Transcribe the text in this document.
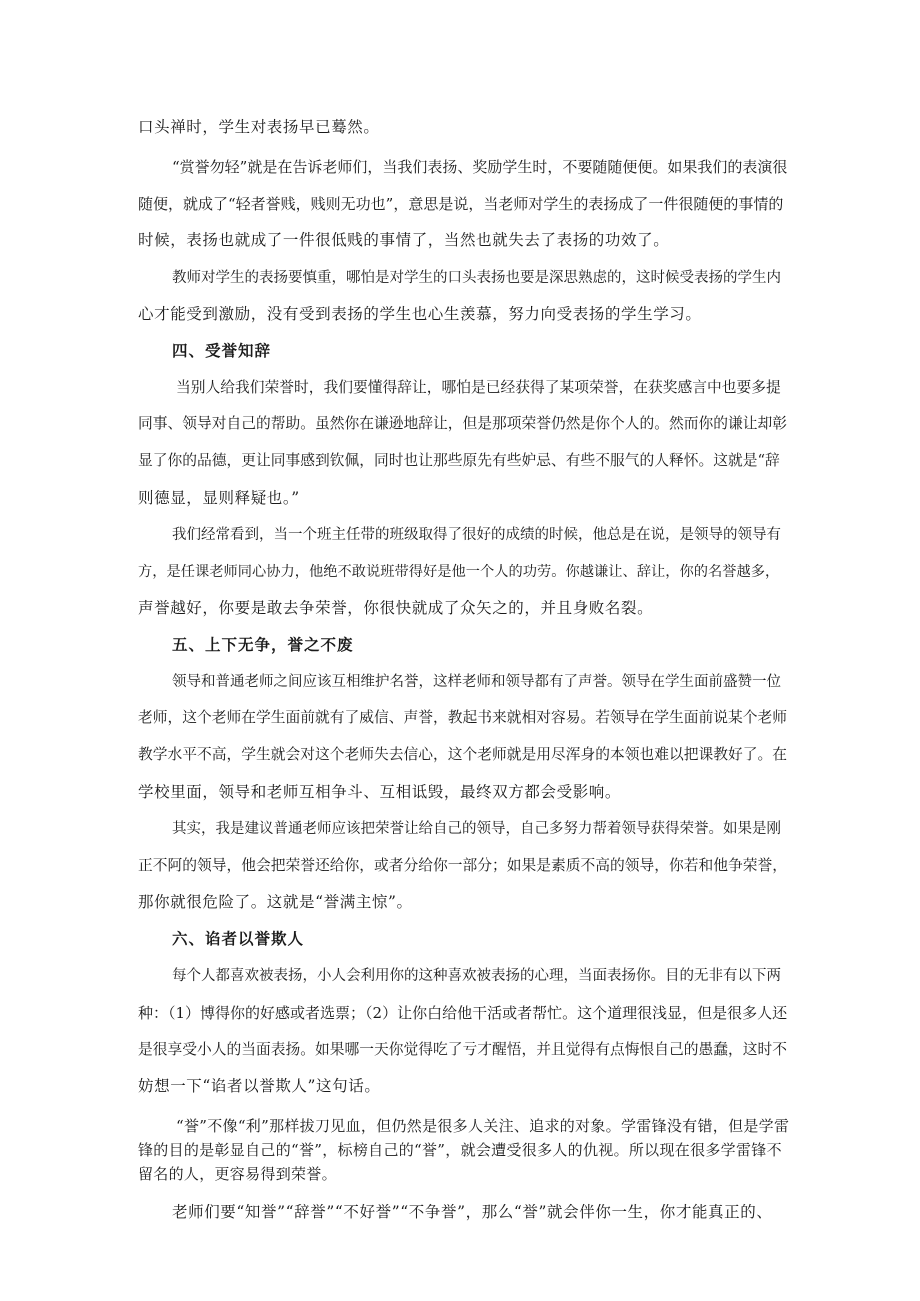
口头禅时，学生对表扬早已蓦然。
“赏誉勿轻”就是在告诉老师们，当我们表扬、奖励学生时，不要随随便便。如果我们的表演很
随便，就成了“轻者誉贱，贱则无功也”，意思是说，当老师对学生的表扬成了一件很随便的事情的
时候，表扬也就成了一件很低贱的事情了，当然也就失去了表扬的功效了。
教师对学生的表扬要慎重，哪怕是对学生的口头表扬也要是深思熟虑的，这时候受表扬的学生内
心才能受到激励，没有受到表扬的学生也心生羡慕，努力向受表扬的学生学习。
四、受誉知辞
当别人给我们荣誉时，我们要懂得辞让，哪怕是已经获得了某项荣誉，在获奖感言中也要多提
同事、领导对自己的帮助。虽然你在谦逊地辞让，但是那项荣誉仍然是你个人的。然而你的谦让却彰
显了你的品德，更让同事感到钦佩，同时也让那些原先有些妒忌、有些不服气的人释怀。这就是“辞
则德显，显则释疑也。”
我们经常看到，当一个班主任带的班级取得了很好的成绩的时候，他总是在说，是领导的领导有
方，是任课老师同心协力，他绝不敢说班带得好是他一个人的功劳。你越谦让、辞让，你的名誉越多，
声誉越好，你要是敢去争荣誉，你很快就成了众矢之的，并且身败名裂。
五、上下无争，誉之不废
领导和普通老师之间应该互相维护名誉，这样老师和领导都有了声誉。领导在学生面前盛赞一位
老师，这个老师在学生面前就有了威信、声誉，教起书来就相对容易。若领导在学生面前说某个老师
教学水平不高，学生就会对这个老师失去信心，这个老师就是用尽浑身的本领也难以把课教好了。在
学校里面，领导和老师互相争斗、互相诋毁，最终双方都会受影响。
其实，我是建议普通老师应该把荣誉让给自己的领导，自己多努力帮着领导获得荣誉。如果是刚
正不阿的领导，他会把荣誉还给你，或者分给你一部分；如果是素质不高的领导，你若和他争荣誉，
那你就很危险了。这就是“誉满主惊”。
六、谄者以誉欺人
每个人都喜欢被表扬，小人会利用你的这种喜欢被表扬的心理，当面表扬你。目的无非有以下两
种：（1）博得你的好感或者选票；（2）让你白给他干活或者帮忙。这个道理很浅显，但是很多人还
是很享受小人的当面表扬。如果哪一天你觉得吃了亏才醒悟，并且觉得有点悔恨自己的愚蠢，这时不
妨想一下“谄者以誉欺人”这句话。
“誉”不像“利”那样拔刀见血，但仍然是很多人关注、追求的对象。学雷锋没有错，但是学雷
锋的目的是彰显自己的“誉”，标榜自己的“誉”，就会遭受很多人的仇视。所以现在很多学雷锋不
留名的人，更容易得到荣誉。
老师们要“知誉”“辞誉”“不好誉”“不争誉”，那么“誉”就会伴你一生，你才能真正的、
